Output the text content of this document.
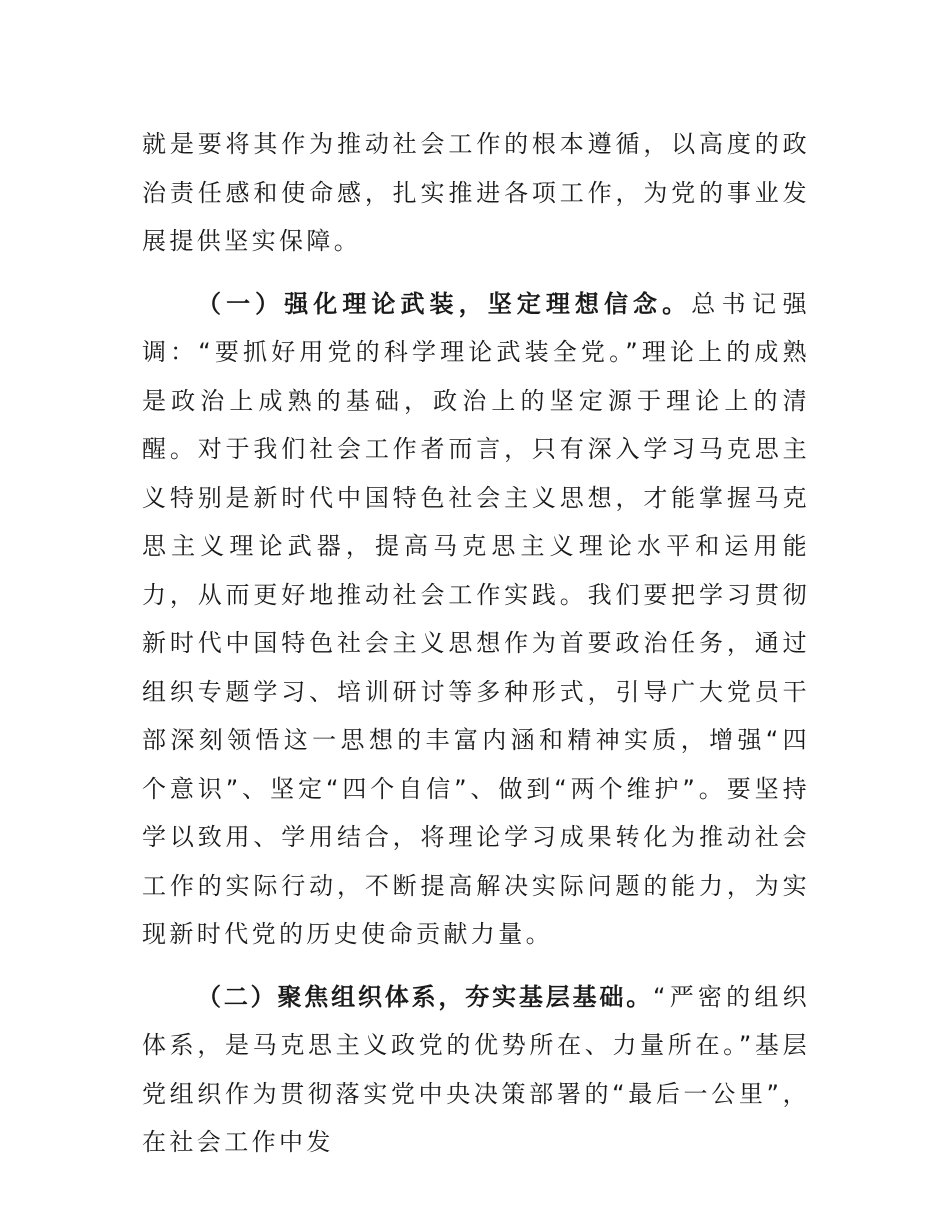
就是要将其作为推动社会工作的根本遵循，以高度的政治责任感和使命感，扎实推进各项工作，为党的事业发展提供坚实保障。

（一）强化理论武装，坚定理想信念。总书记强调：“要抓好用党的科学理论武装全党。”理论上的成熟是政治上成熟的基础，政治上的坚定源于理论上的清醒。对于我们社会工作者而言，只有深入学习马克思主义特别是新时代中国特色社会主义思想，才能掌握马克思主义理论武器，提高马克思主义理论水平和运用能力，从而更好地推动社会工作实践。我们要把学习贯彻新时代中国特色社会主义思想作为首要政治任务，通过组织专题学习、培训研讨等多种形式，引导广大党员干部深刻领悟这一思想的丰富内涵和精神实质，增强“四个意识”、坚定“四个自信”、做到“两个维护”。要坚持学以致用、学用结合，将理论学习成果转化为推动社会工作的实际行动，不断提高解决实际问题的能力，为实现新时代党的历史使命贡献力量。

（二）聚焦组织体系，夯实基层基础。“严密的组织体系，是马克思主义政党的优势所在、力量所在。”基层党组织作为贯彻落实党中央决策部署的“最后一公里”，在社会工作中发
